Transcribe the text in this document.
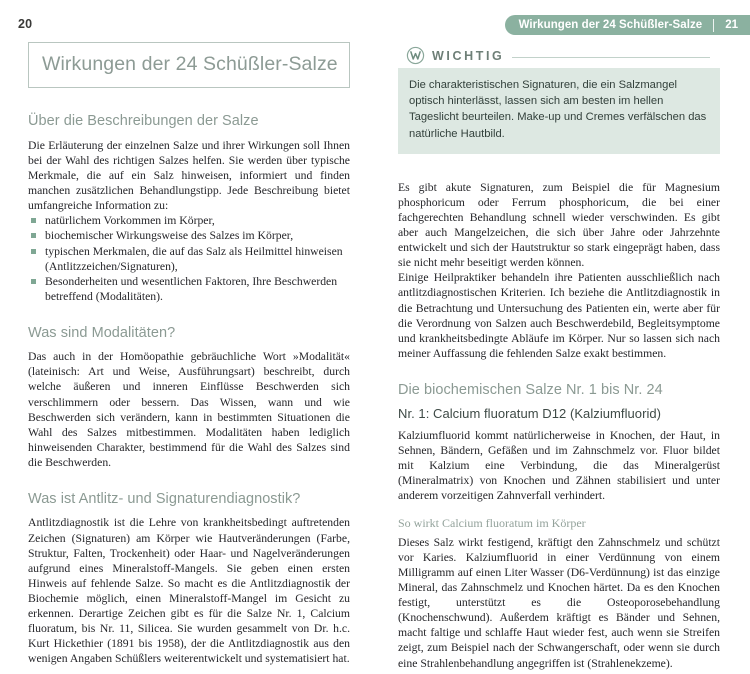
20	Wirkungen der 24 Schüßler-Salze 21
Wirkungen der 24 Schüßler-Salze
Über die Beschreibungen der Salze

Die Erläuterung der einzelnen Salze und ihrer Wirkungen soll Ihnen bei der Wahl des richtigen Salzes helfen. Sie werden über typische Merkmale, die auf ein Salz hinweisen, informiert und finden manchen zusätzlichen Behandlungstipp. Jede Beschreibung bietet umfangreiche Information zu:

natürlichem Vorkommen im Körper,
biochemischer Wirkungsweise des Salzes im Körper,
typischen Merkmalen, die auf das Salz als Heilmittel hinweisen (Antlitzzeichen/Signaturen),
Besonderheiten und wesentlichen Faktoren, Ihre Beschwerden betreffend (Modalitäten).
Was sind Modalitäten?

Das auch in der Homöopathie gebräuchliche Wort »Modalität« (lateinisch: Art und Weise, Ausführungsart) beschreibt, durch welche äußeren und inneren Einflüsse Beschwerden sich verschlimmern oder bessern. Das Wissen, wann und wie Beschwerden sich verändern, kann in bestimmten Situationen die Wahl des Salzes mitbestimmen. Modalitäten haben lediglich hinweisenden Charakter, bestimmend für die Wahl des Salzes sind die Beschwerden.

Was ist Antlitz- und Signaturendiagnostik?

Antlitzdiagnostik ist die Lehre von krankheitsbedingt auftretenden Zeichen (Signaturen) am Körper wie Hautveränderungen (Farbe, Struktur, Falten, Trockenheit) oder Haar- und Nagelveränderungen aufgrund eines Mineralstoff-Mangels. Sie geben einen ersten Hinweis auf fehlende Salze. So macht es die Antlitzdiagnostik der Biochemie möglich, einen Mineralstoff-Mangel im Gesicht zu erkennen. Derartige Zeichen gibt es für die Salze Nr. 1, Calcium fluoratum, bis Nr. 11, Silicea. Sie wurden gesammelt von Dr. h.c. Kurt Hickethier (1891 bis 1958), der die Antlitzdiagnostik aus den wenigen Angaben Schüßlers weiterentwickelt und systematisiert hat.

WICHTIG

Die charakteristischen Signaturen, die ein Salzmangel optisch hinterlässt, lassen sich am besten im hellen Tageslicht beurteilen. Make-up und Cremes verfälschen das natürliche Hautbild.

Es gibt akute Signaturen, zum Beispiel die für Magnesium phosphoricum oder Ferrum phosphoricum, die bei einer fachgerechten Behandlung schnell wieder verschwinden. Es gibt aber auch Mangelzeichen, die sich über Jahre oder Jahrzehnte entwickelt und sich der Hautstruktur so stark eingeprägt haben, dass sie nicht mehr beseitigt werden können.

Einige Heilpraktiker behandeln ihre Patienten ausschließlich nach antlitzdiagnostischen Kriterien. Ich beziehe die Antlitzdiagnostik in die Betrachtung und Untersuchung des Patienten ein, werte aber für die Verordnung von Salzen auch Beschwerdebild, Begleitsymptome und krankheitsbedingte Abläufe im Körper. Nur so lassen sich nach meiner Auffassung die fehlenden Salze exakt bestimmen.

Die biochemischen Salze Nr. 1 bis Nr. 24
Nr. 1: Calcium fluoratum D12 (Kalziumfluorid)

Kalziumfluorid kommt natürlicherweise in Knochen, der Haut, in Sehnen, Bändern, Gefäßen und im Zahnschmelz vor. Fluor bildet mit Kalzium eine Verbindung, die das Mineralgerüst (Mineralmatrix) von Knochen und Zähnen stabilisiert und unter anderem vorzeitigen Zahnverfall verhindert.

So wirkt Calcium fluoratum im Körper

Dieses Salz wirkt festigend, kräftigt den Zahnschmelz und schützt vor Karies. Kalziumfluorid in einer Verdünnung von einem Milligramm auf einen Liter Wasser (D6-Verdünnung) ist das einzige Mineral, das Zahnschmelz und Knochen härtet. Da es den Knochen festigt, unterstützt es die Osteoporosebehandlung (Knochenschwund). Außerdem kräftigt es Bänder und Sehnen, macht faltige und schlaffe Haut wieder fest, auch wenn sie Streifen zeigt, zum Beispiel nach der Schwangerschaft, oder wenn sie durch eine Strahlenbehandlung angegriffen ist (Strahlenekzeme).
